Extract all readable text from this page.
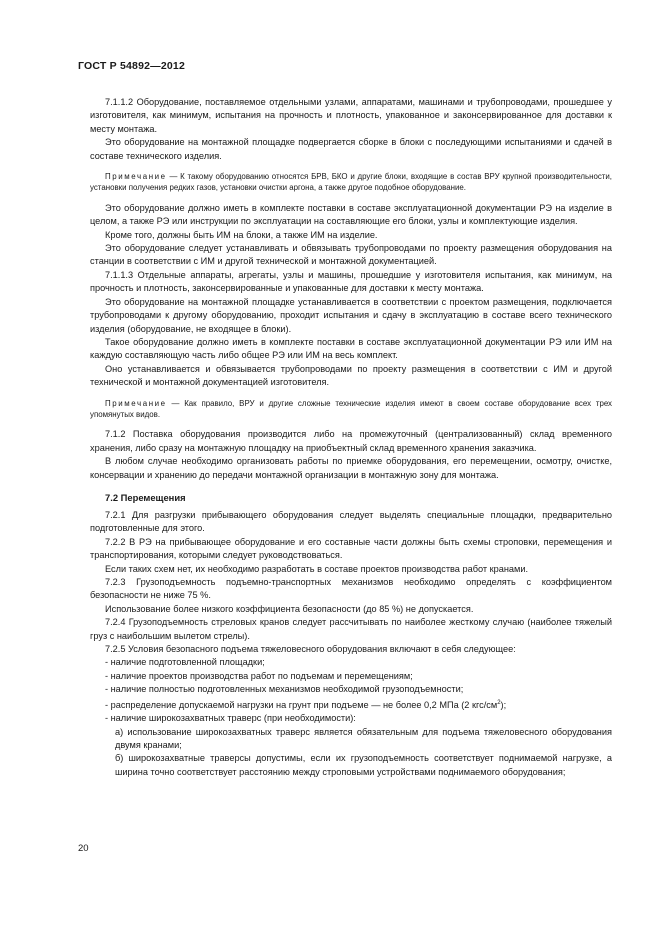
ГОСТ Р 54892—2012

7.1.1.2 Оборудование, поставляемое отдельными узлами, аппаратами, машинами и трубопроводами, прошедшее у изготовителя, как минимум, испытания на прочность и плотность, упакованное и законсервированное для доставки к месту монтажа.

Это оборудование на монтажной площадке подвергается сборке в блоки с последующими испытаниями и сдачей в составе технического изделия.

Примечание — К такому оборудованию относятся БРВ, БКО и другие блоки, входящие в состав ВРУ крупной производительности, установки получения редких газов, установки очистки аргона, а также другое подобное оборудование.

Это оборудование должно иметь в комплекте поставки в составе эксплуатационной документации РЭ на изделие в целом, а также РЭ или инструкции по эксплуатации на составляющие его блоки, узлы и комплектующие изделия.

Кроме того, должны быть ИМ на блоки, а также ИМ на изделие.

Это оборудование следует устанавливать и обвязывать трубопроводами по проекту размещения оборудования на станции в соответствии с ИМ и другой технической и монтажной документацией.

7.1.1.3 Отдельные аппараты, агрегаты, узлы и машины, прошедшие у изготовителя испытания, как минимум, на прочность и плотность, законсервированные и упакованные для доставки к месту монтажа.

Это оборудование на монтажной площадке устанавливается в соответствии с проектом размещения, подключается трубопроводами к другому оборудованию, проходит испытания и сдачу в эксплуатацию в составе всего технического изделия (оборудование, не входящее в блоки).

Такое оборудование должно иметь в комплекте поставки в составе эксплуатационной документации РЭ или ИМ на каждую составляющую часть либо общее РЭ или ИМ на весь комплект.

Оно устанавливается и обвязывается трубопроводами по проекту размещения в соответствии с ИМ и другой технической и монтажной документацией изготовителя.

Примечание — Как правило, ВРУ и другие сложные технические изделия имеют в своем составе оборудование всех трех упомянутых видов.

7.1.2 Поставка оборудования производится либо на промежуточный (централизованный) склад временного хранения, либо сразу на монтажную площадку на приобъектный склад временного хранения заказчика.

В любом случае необходимо организовать работы по приемке оборудования, его перемещении, осмотру, очистке, консервации и хранению до передачи монтажной организации в монтажную зону для монтажа.

7.2 Перемещения

7.2.1 Для разгрузки прибывающего оборудования следует выделять специальные площадки, предварительно подготовленные для этого.

7.2.2 В РЭ на прибывающее оборудование и его составные части должны быть схемы строповки, перемещения и транспортирования, которыми следует руководствоваться.

Если таких схем нет, их необходимо разработать в составе проектов производства работ кранами.

7.2.3 Грузоподъемность подъемно-транспортных механизмов необходимо определять с коэффициентом безопасности не ниже 75 %.

Использование более низкого коэффициента безопасности (до 85 %) не допускается.

7.2.4 Грузоподъемность стреловых кранов следует рассчитывать по наиболее жесткому случаю (наиболее тяжелый груз с наибольшим вылетом стрелы).

7.2.5 Условия безопасного подъема тяжеловесного оборудования включают в себя следующее:

- наличие подготовленной площадки;

- наличие проектов производства работ по подъемам и перемещениям;

- наличие полностью подготовленных механизмов необходимой грузоподъемности;

- распределение допускаемой нагрузки на грунт при подъеме — не более 0,2 МПа (2 кгс/$см^2$);

- наличие широкозахватных траверс (при необходимости):

а) использование широкозахватных траверс является обязательным для подъема тяжеловесного оборудования двумя кранами;

б) широкозахватные траверсы допустимы, если их грузоподъемность соответствует поднимаемой нагрузке, а ширина точно соответствует расстоянию между строповыми устройствами поднимаемого оборудования;

20
